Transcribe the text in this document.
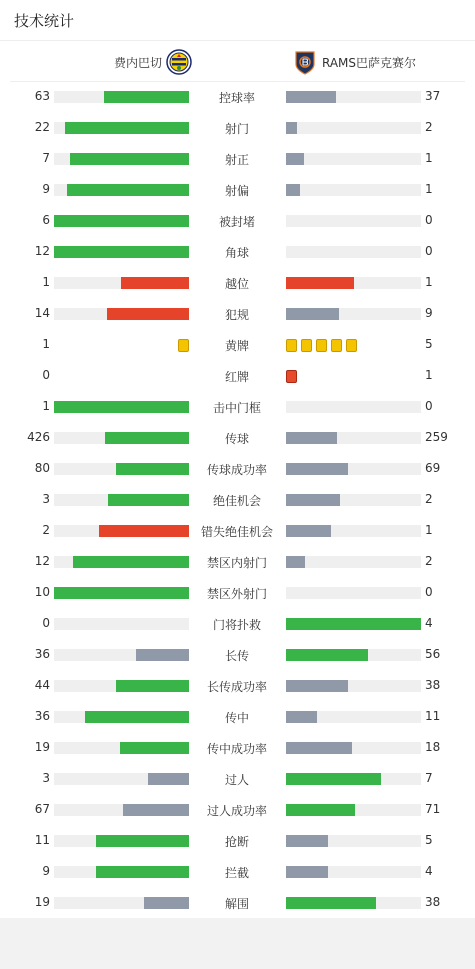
技术统计
费内巴切	RAMS巴萨克赛尔
63	控球率	37
22	射门	2
7	射正	1
9	射偏	1
6	被封堵	0
12	角球	0
1	越位	1
14	犯规	9
1	黄牌	5
0	红牌	1
1	击中门框	0
426	传球	259
80	传球成功率	69
3	绝佳机会	2
2	错失绝佳机会	1
12	禁区内射门	2
10	禁区外射门	0
0	门将扑救	4
36	长传	56
44	长传成功率	38
36	传中	11
19	传中成功率	18
3	过人	7
67	过人成功率	71
11	抢断	5
9	拦截	4
19	解围	38
